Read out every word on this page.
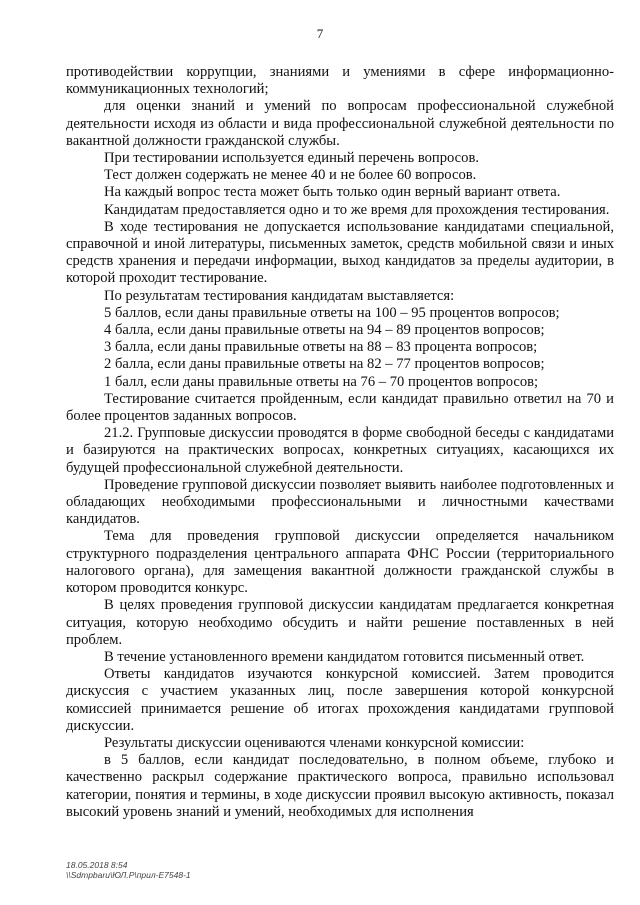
7

противодействии коррупции, знаниями и умениями в сфере информационно-коммуникационных технологий;

для оценки знаний и умений по вопросам профессиональной служебной деятельности исходя из области и вида профессиональной служебной деятельности по вакантной должности гражданской службы.

При тестировании используется единый перечень вопросов.

Тест должен содержать не менее 40 и не более 60 вопросов.

На каждый вопрос теста может быть только один верный вариант ответа.

Кандидатам предоставляется одно и то же время для прохождения тестирования.

В ходе тестирования не допускается использование кандидатами специальной, справочной и иной литературы, письменных заметок, средств мобильной связи и иных средств хранения и передачи информации, выход кандидатов за пределы аудитории, в которой проходит тестирование.

По результатам тестирования кандидатам выставляется:

5 баллов, если даны правильные ответы на 100 – 95 процентов вопросов;

4 балла, если даны правильные ответы на 94 – 89 процентов вопросов;

3 балла, если даны правильные ответы на 88 – 83 процента вопросов;

2 балла, если даны правильные ответы на 82 – 77 процентов вопросов;

1 балл, если даны правильные ответы на 76 – 70 процентов вопросов;

Тестирование считается пройденным, если кандидат правильно ответил на 70 и более процентов заданных вопросов.

21.2. Групповые дискуссии проводятся в форме свободной беседы с кандидатами и базируются на практических вопросах, конкретных ситуациях, касающихся их будущей профессиональной служебной деятельности.

Проведение групповой дискуссии позволяет выявить наиболее подготовленных и обладающих необходимыми профессиональными и личностными качествами кандидатов.

Тема для проведения групповой дискуссии определяется начальником структурного подразделения центрального аппарата ФНС России (территориального налогового органа), для замещения вакантной должности гражданской службы в котором проводится конкурс.

В целях проведения групповой дискуссии кандидатам предлагается конкретная ситуация, которую необходимо обсудить и найти решение поставленных в ней проблем.

В течение установленного времени кандидатом готовится письменный ответ.

Ответы кандидатов изучаются конкурсной комиссией. Затем проводится дискуссия с участием указанных лиц, после завершения которой конкурсной комиссией принимается решение об итогах прохождения кандидатами групповой дискуссии.

Результаты дискуссии оцениваются членами конкурсной комиссии:

в 5 баллов, если кандидат последовательно, в полном объеме, глубоко и качественно раскрыл содержание практического вопроса, правильно использовал категории, понятия и термины, в ходе дискуссии проявил высокую активность, показал высокий уровень знаний и умений, необходимых для исполнения

18.05.2018 8:54
\\Sdmpbaru\ЮЛ.Р\прил-Е7548-1
